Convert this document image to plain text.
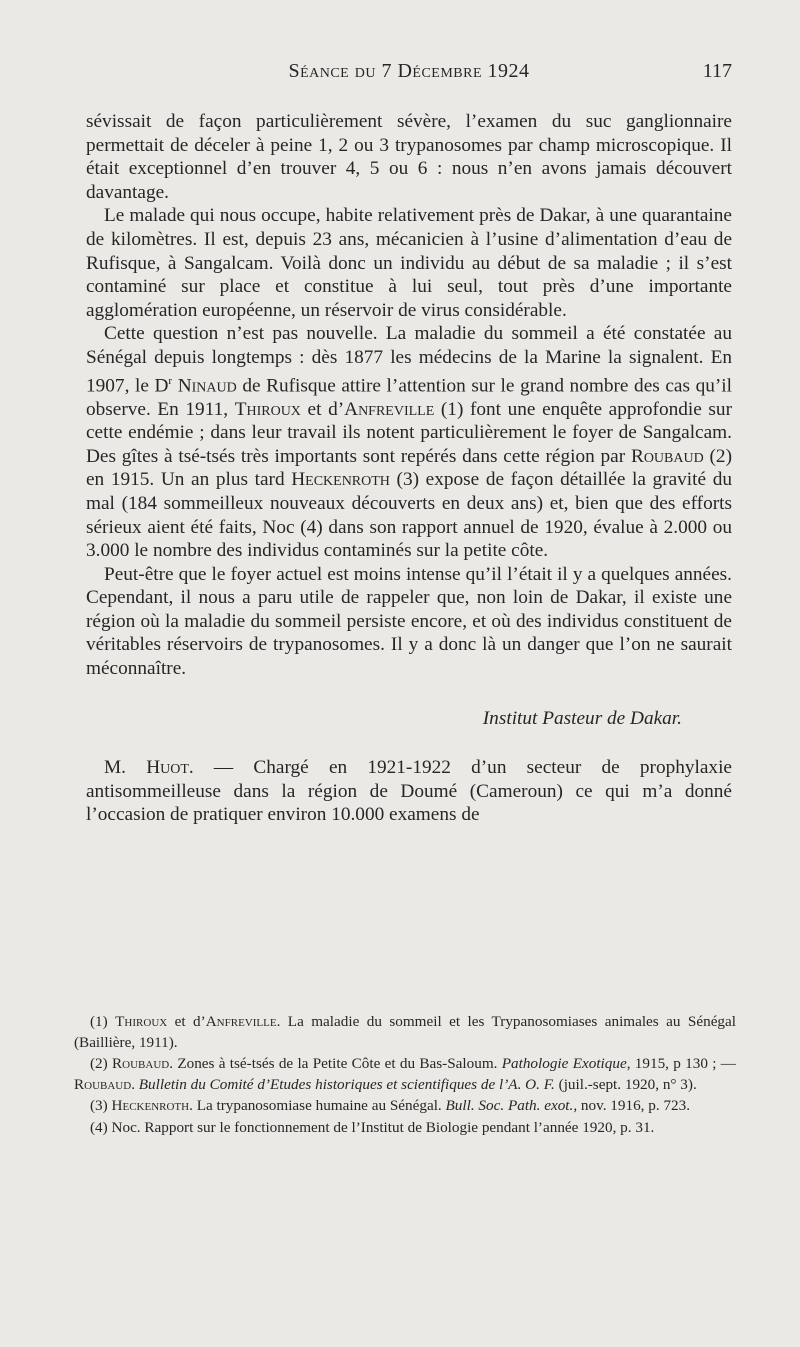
Séance du 7 Décembre 1924	117

sévissait de façon particulièrement sévère, l’examen du suc ganglionnaire permettait de déceler à peine 1, 2 ou 3 trypanosomes par champ microscopique. Il était exceptionnel d’en trouver 4, 5 ou 6 : nous n’en avons jamais découvert davantage.

Le malade qui nous occupe, habite relativement près de Dakar, à une quarantaine de kilomètres. Il est, depuis 23 ans, mécanicien à l’usine d’alimentation d’eau de Rufisque, à Sangalcam. Voilà donc un individu au début de sa maladie ; il s’est contaminé sur place et constitue à lui seul, tout près d’une importante agglomération européenne, un réservoir de virus considérable.

Cette question n’est pas nouvelle. La maladie du sommeil a été constatée au Sénégal depuis longtemps : dès 1877 les médecins de la Marine la signalent. En 1907, le $D^r$ Ninaud de Rufisque attire l’attention sur le grand nombre des cas qu’il observe. En 1911, Thiroux et d’Anfreville (1) font une enquête approfondie sur cette endémie ; dans leur travail ils notent particulièrement le foyer de Sangalcam. Des gîtes à tsé-tsés très importants sont repérés dans cette région par Roubaud (2) en 1915. Un an plus tard Heckenroth (3) expose de façon détaillée la gravité du mal (184 sommeilleux nouveaux découverts en deux ans) et, bien que des efforts sérieux aient été faits, Noc (4) dans son rapport annuel de 1920, évalue à 2.000 ou 3.000 le nombre des individus contaminés sur la petite côte.

Peut-être que le foyer actuel est moins intense qu’il l’était il y a quelques années. Cependant, il nous a paru utile de rappeler que, non loin de Dakar, il existe une région où la maladie du sommeil persiste encore, et où des individus constituent de véritables réservoirs de trypanosomes. Il y a donc là un danger que l’on ne saurait méconnaître.

Institut Pasteur de Dakar.

M. Huot. — Chargé en 1921-1922 d’un secteur de prophylaxie antisommeilleuse dans la région de Doumé (Cameroun) ce qui m’a donné l’occasion de pratiquer environ 10.000 examens de

(1) Thiroux et d’Anfreville. La maladie du sommeil et les Trypanosomiases animales au Sénégal (Baillière, 1911).

(2) Roubaud. Zones à tsé-tsés de la Petite Côte et du Bas-Saloum. Pathologie Exotique, 1915, p 130 ; — Roubaud. Bulletin du Comité d’Etudes historiques et scientifiques de l’A. O. F. (juil.-sept. 1920, n° 3).

(3) Heckenroth. La trypanosomiase humaine au Sénégal. Bull. Soc. Path. exot., nov. 1916, p. 723.

(4) Noc. Rapport sur le fonctionnement de l’Institut de Biologie pendant l’année 1920, p. 31.
